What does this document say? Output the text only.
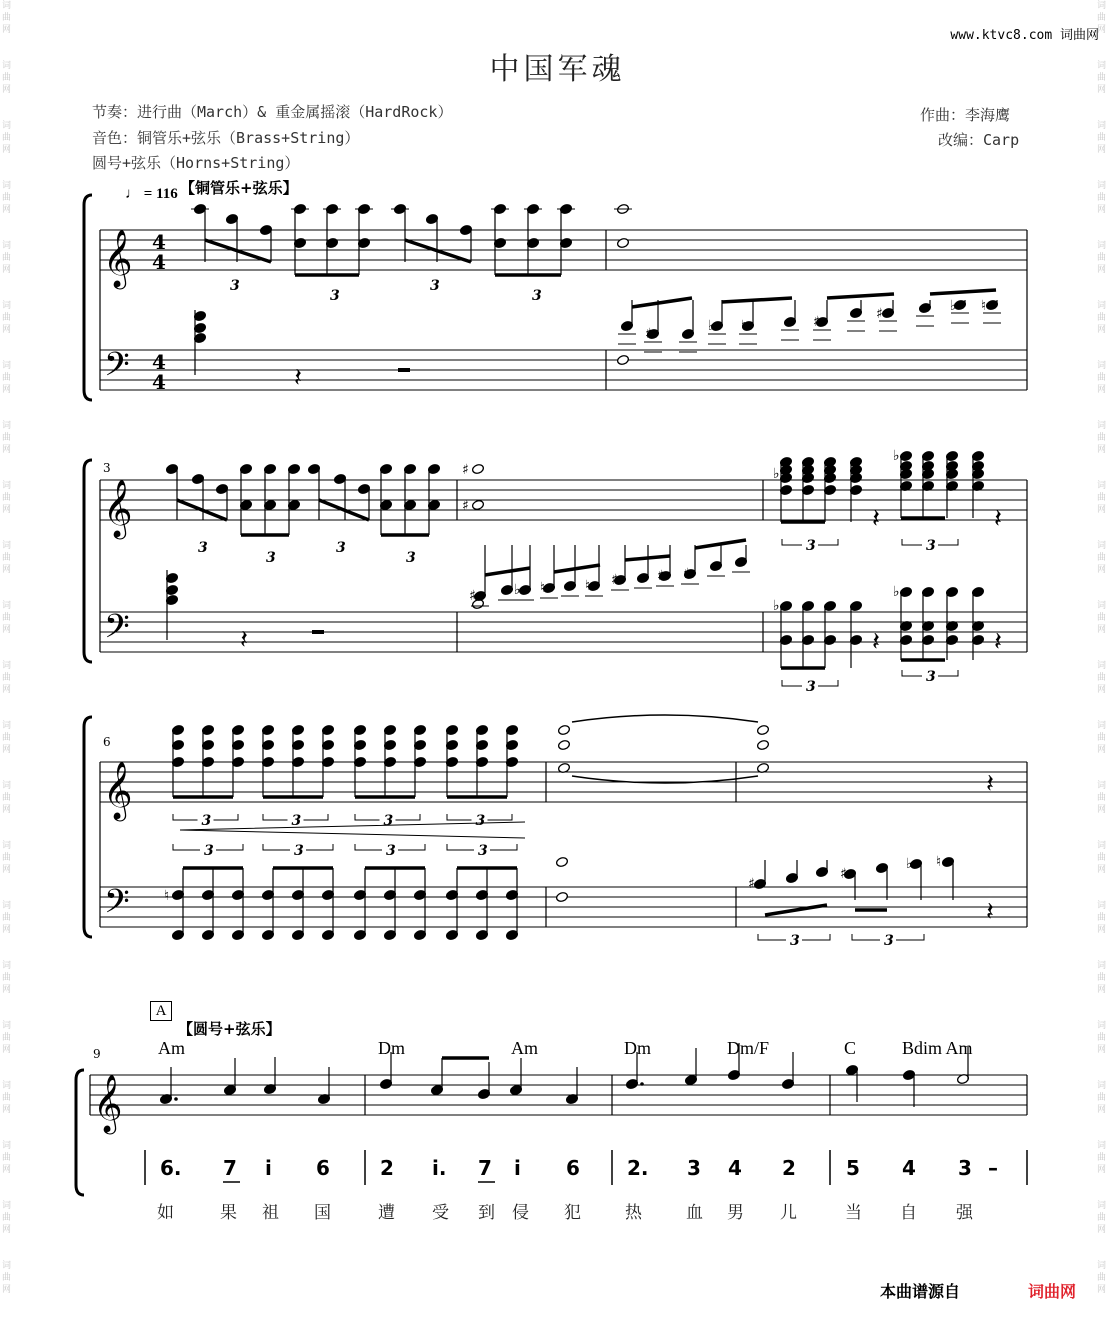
词曲网
词曲网
词曲网
词曲网
词曲网
词曲网
词曲网
词曲网
词曲网
词曲网
词曲网
词曲网
词曲网
词曲网
词曲网
词曲网
词曲网
词曲网
词曲网
词曲网
词曲网
词曲网
词曲网
词曲网
词曲网
词曲网
词曲网
词曲网
词曲网
词曲网
词曲网
词曲网
词曲网
词曲网
词曲网
词曲网
词曲网
词曲网
词曲网
词曲网
词曲网
词曲网
词曲网
词曲网
www.ktvc8.com 词曲网
中国军魂
节奏：进行曲（March）& 重金属摇滚（HardRock）
音色：铜管乐+弦乐（Brass+String）
圆号+弦乐（Horns+String）
作曲：李海鹰
改编：Carp
♩ = 116 【铜管乐+弦乐】
A
【圆号+弦乐】
Am	Dm	Am	Dm	Dm/F	C	Bdim Am
6. 7 i 6	2 i. 7 i 6 2. 3 4 2	5 4 3 –
如	果 祖 国	遭 受 到 侵 犯	热	血 男 儿	当 自 强
本曲谱源自	词曲网
𝄞
𝄢
4
4
4
4
3
3
3
3
𝄽
♯	♭ ♮	♯	♯	♭ ♮
𝄞
𝄢
3
3
3
3
3
♯
♯
3
𝄽
3
𝄽
♭
♭
𝄽
♯	♭ ♮	♮ ♯	♯ ♯
3
𝄽
3
𝄽
♭
♭
𝄞
𝄢
6
3	3	3	3
𝄽
3	3	3	3
♮
♯
♯
♭ ♮
3	3
𝄽
𝄞
9
